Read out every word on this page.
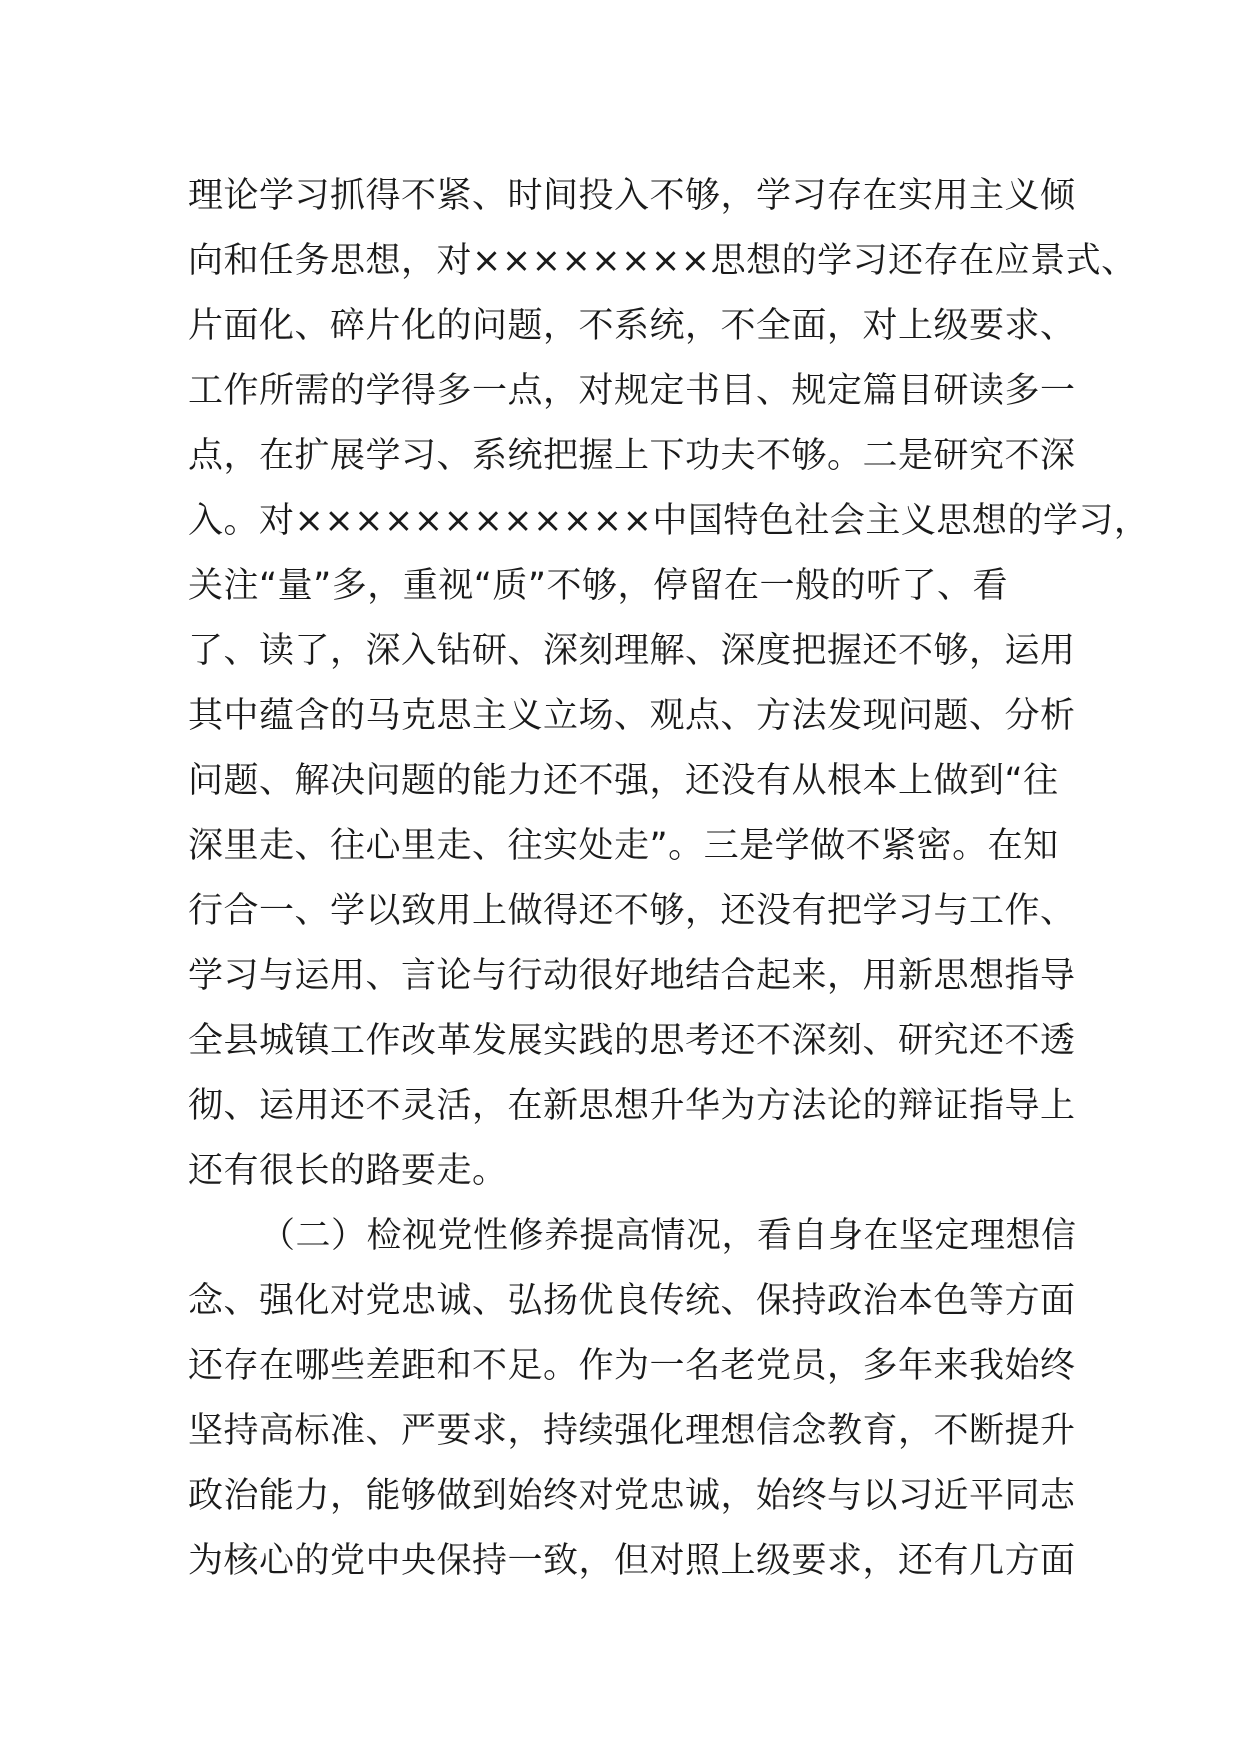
理论学习抓得不紧、时间投入不够，学习存在实用主义倾
向和任务思想，对××××××××思想的学习还存在应景式、
片面化、碎片化的问题，不系统，不全面，对上级要求、
工作所需的学得多一点，对规定书目、规定篇目研读多一
点，在扩展学习、系统把握上下功夫不够。二是研究不深
入。对××××××××××××中国特色社会主义思想的学习，
关注“量”多，重视“质”不够，停留在一般的听了、看
了、读了，深入钻研、深刻理解、深度把握还不够，运用
其中蕴含的马克思主义立场、观点、方法发现问题、分析
问题、解决问题的能力还不强，还没有从根本上做到“往
深里走、往心里走、往实处走”。三是学做不紧密。在知
行合一、学以致用上做得还不够，还没有把学习与工作、
学习与运用、言论与行动很好地结合起来，用新思想指导
全县城镇工作改革发展实践的思考还不深刻、研究还不透
彻、运用还不灵活，在新思想升华为方法论的辩证指导上
还有很长的路要走。
（二）检视党性修养提高情况，看自身在坚定理想信
念、强化对党忠诚、弘扬优良传统、保持政治本色等方面
还存在哪些差距和不足。作为一名老党员，多年来我始终
坚持高标准、严要求，持续强化理想信念教育，不断提升
政治能力，能够做到始终对党忠诚，始终与以习近平同志
为核心的党中央保持一致，但对照上级要求，还有几方面
